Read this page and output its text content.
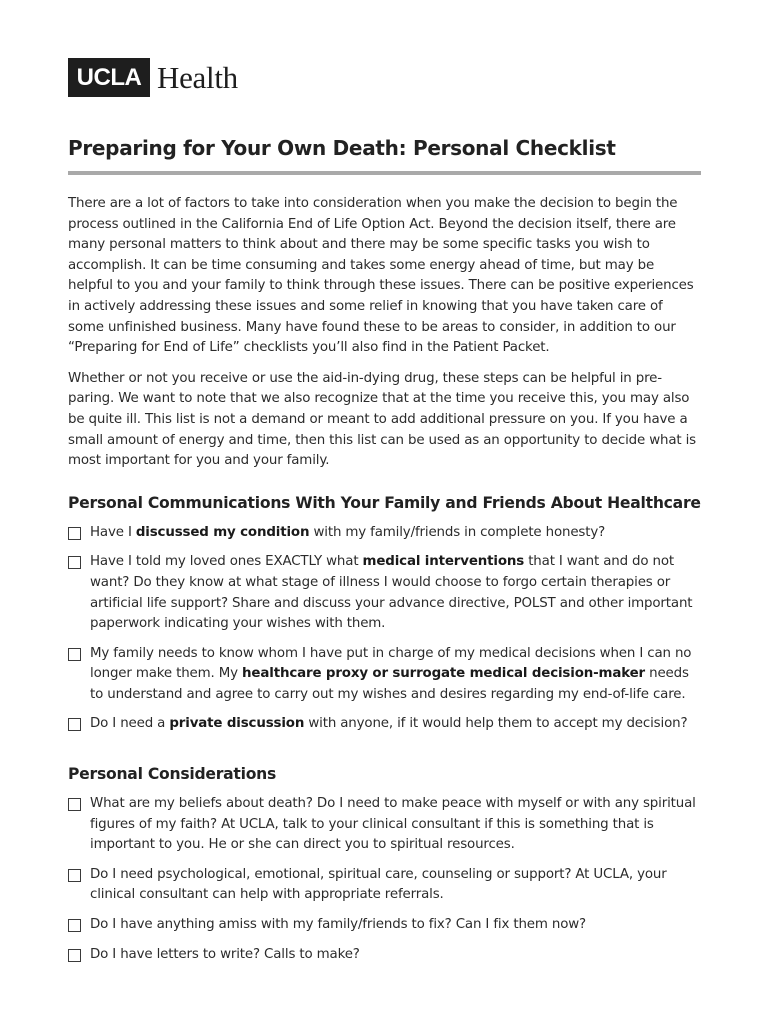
UCLA Health
Preparing for Your Own Death: Personal Checklist

There are a lot of factors to take into consideration when you make the decision to begin the process outlined in the California End of Life Option Act. Beyond the decision itself, there are many personal matters to think about and there may be some specific tasks you wish to accomplish. It can be time consuming and takes some energy ahead of time, but may be helpful to you and your family to think through these issues. There can be positive experiences in actively addressing these issues and some relief in knowing that you have taken care of some unfinished business. Many have found these to be areas to consider, in addition to our “Preparing for End of Life” checklists you’ll also find in the Patient Packet.

Whether or not you receive or use the aid-in-dying drug, these steps can be helpful in pre-paring. We want to note that we also recognize that at the time you receive this, you may also be quite ill. This list is not a demand or meant to add additional pressure on you. If you have a small amount of energy and time, then this list can be used as an opportunity to decide what is most important for you and your family.

Personal Communications With Your Family and Friends About Healthcare
Have I discussed my condition with my family/friends in complete honesty?
Have I told my loved ones EXACTLY what medical interventions that I want and do not want? Do they know at what stage of illness I would choose to forgo certain therapies or artificial life support? Share and discuss your advance directive, POLST and other important paperwork indicating your wishes with them.
My family needs to know whom I have put in charge of my medical decisions when I can no longer make them. My healthcare proxy or surrogate medical decision-maker needs to understand and agree to carry out my wishes and desires regarding my end-of-life care.
Do I need a private discussion with anyone, if it would help them to accept my decision?
Personal Considerations
What are my beliefs about death? Do I need to make peace with myself or with any spiritual figures of my faith? At UCLA, talk to your clinical consultant if this is something that is important to you. He or she can direct you to spiritual resources.
Do I need psychological, emotional, spiritual care, counseling or support? At UCLA, your clinical consultant can help with appropriate referrals.
Do I have anything amiss with my family/friends to fix? Can I fix them now?
Do I have letters to write? Calls to make?
